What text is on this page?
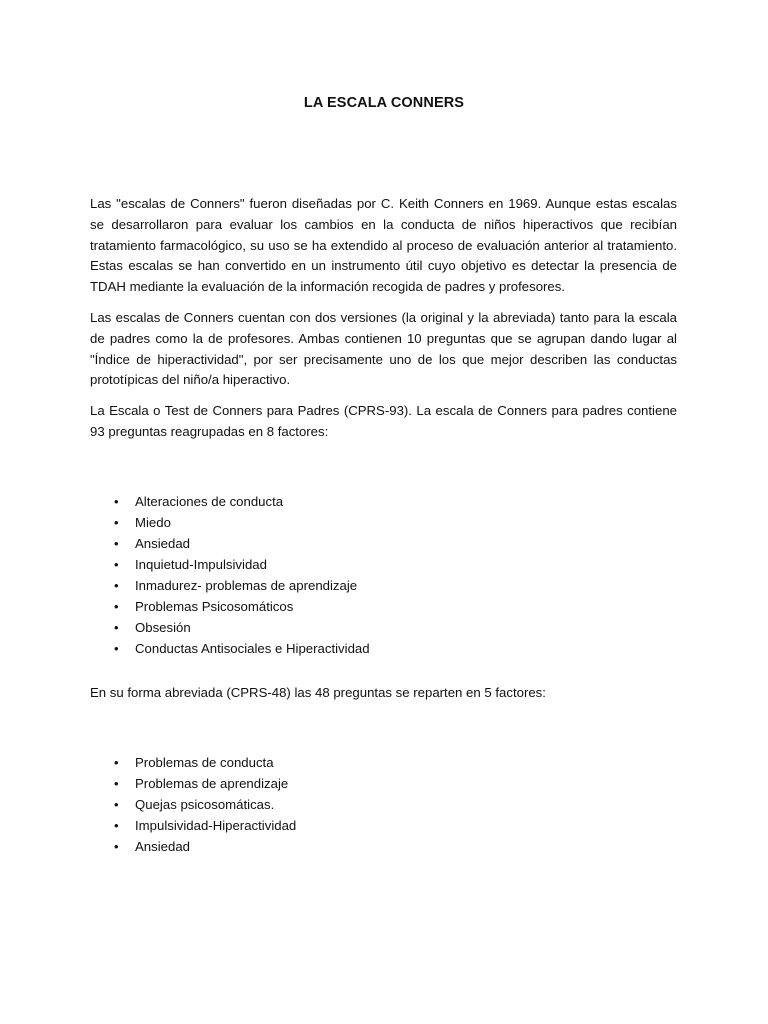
LA ESCALA CONNERS

Las "escalas de Conners" fueron diseñadas por C. Keith Conners en 1969. Aunque estas escalas se desarrollaron para evaluar los cambios en la conducta de niños hiperactivos que recibían tratamiento farmacológico, su uso se ha extendido al proceso de evaluación anterior al tratamiento. Estas escalas se han convertido en un instrumento útil cuyo objetivo es detectar la presencia de TDAH mediante la evaluación de la información recogida de padres y profesores.

Las escalas de Conners cuentan con dos versiones (la original y la abreviada) tanto para la escala de padres como la de profesores. Ambas contienen 10 preguntas que se agrupan dando lugar al "Índice de hiperactividad", por ser precisamente uno de los que mejor describen las conductas prototípicas del niño/a hiperactivo.

La Escala o Test de Conners para Padres (CPRS-93). La escala de Conners para padres contiene 93 preguntas reagrupadas en 8 factores:

• Alteraciones de conducta
• Miedo
• Ansiedad
• Inquietud-Impulsividad
• Inmadurez- problemas de aprendizaje
• Problemas Psicosomáticos
• Obsesión
• Conductas Antisociales e Hiperactividad

En su forma abreviada (CPRS-48) las 48 preguntas se reparten en 5 factores:

• Problemas de conducta
• Problemas de aprendizaje
• Quejas psicosomáticas.
• Impulsividad-Hiperactividad
• Ansiedad
